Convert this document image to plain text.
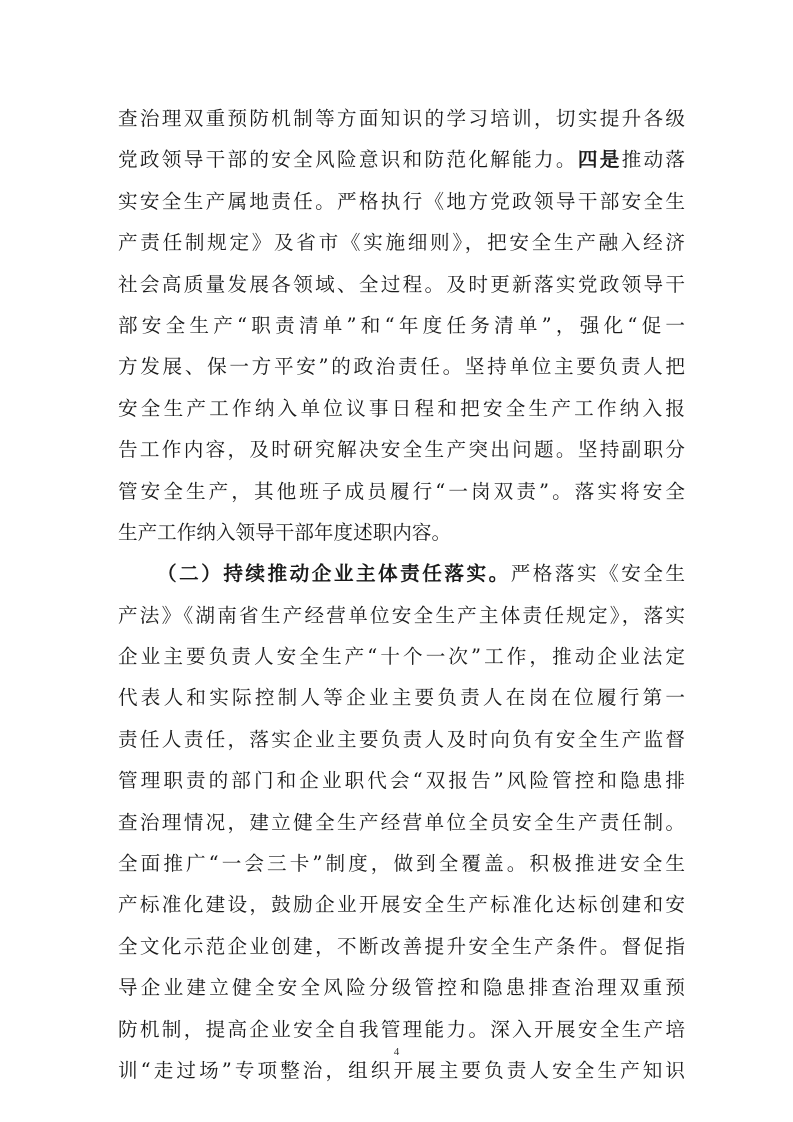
查治理双重预防机制等方面知识的学习培训，切实提升各级
党政领导干部的安全风险意识和防范化解能力。四是推动落
实安全生产属地责任。严格执行《地方党政领导干部安全生
产责任制规定》及省市《实施细则》，把安全生产融入经济
社会高质量发展各领域、全过程。及时更新落实党政领导干
部安全生产“职责清单”和“年度任务清单”，强化“促一
方发展、保一方平安”的政治责任。坚持单位主要负责人把
安全生产工作纳入单位议事日程和把安全生产工作纳入报
告工作内容，及时研究解决安全生产突出问题。坚持副职分
管安全生产，其他班子成员履行“一岗双责”。落实将安全
生产工作纳入领导干部年度述职内容。
（二）持续推动企业主体责任落实。严格落实《安全生
产法》《湖南省生产经营单位安全生产主体责任规定》，落实
企业主要负责人安全生产“十个一次”工作，推动企业法定
代表人和实际控制人等企业主要负责人在岗在位履行第一
责任人责任，落实企业主要负责人及时向负有安全生产监督
管理职责的部门和企业职代会“双报告”风险管控和隐患排
查治理情况，建立健全生产经营单位全员安全生产责任制。
全面推广“一会三卡”制度，做到全覆盖。积极推进安全生
产标准化建设，鼓励企业开展安全生产标准化达标创建和安
全文化示范企业创建，不断改善提升安全生产条件。督促指
导企业建立健全安全风险分级管控和隐患排查治理双重预
防机制，提高企业安全自我管理能力。深入开展安全生产培
训“走过场”专项整治，组织开展主要负责人安全生产知识
4
